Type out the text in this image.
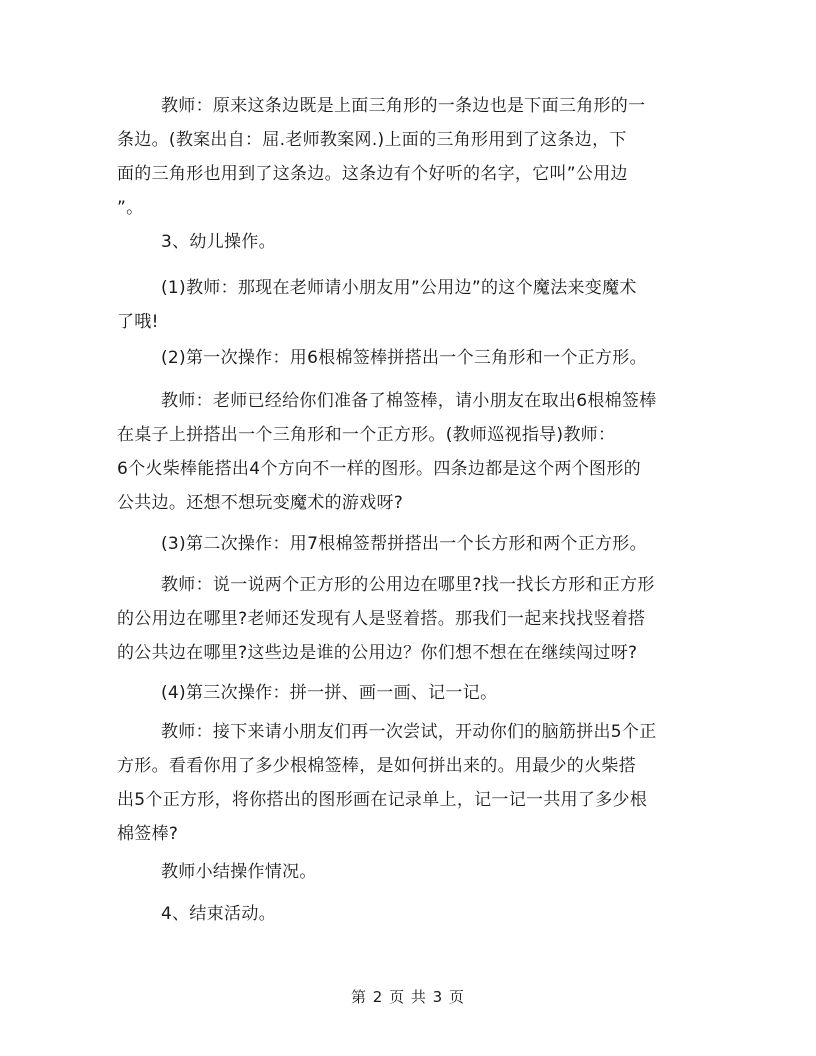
教师：原来这条边既是上面三角形的一条边也是下面三角形的一
条边。(教案出自：屈.老师教案网.)上面的三角形用到了这条边，下
面的三角形也用到了这条边。这条边有个好听的名字，它叫”公用边
”。
3、幼儿操作。
(1)教师：那现在老师请小朋友用”公用边”的这个魔法来变魔术
了哦!
(2)第一次操作：用6根棉签棒拼搭出一个三角形和一个正方形。
教师：老师已经给你们准备了棉签棒，请小朋友在取出6根棉签棒
在桌子上拼搭出一个三角形和一个正方形。(教师巡视指导)教师：
6个火柴棒能搭出4个方向不一样的图形。四条边都是这个两个图形的
公共边。还想不想玩变魔术的游戏呀?
(3)第二次操作：用7根棉签帮拼搭出一个长方形和两个正方形。
教师：说一说两个正方形的公用边在哪里?找一找长方形和正方形
的公用边在哪里?老师还发现有人是竖着搭。那我们一起来找找竖着搭
的公共边在哪里?这些边是谁的公用边？你们想不想在在继续闯过呀?
(4)第三次操作：拼一拼、画一画、记一记。
教师：接下来请小朋友们再一次尝试，开动你们的脑筋拼出5个正
方形。看看你用了多少根棉签棒，是如何拼出来的。用最少的火柴搭
出5个正方形，将你搭出的图形画在记录单上，记一记一共用了多少根
棉签棒?
教师小结操作情况。
4、结束活动。
第 2 页 共 3 页
